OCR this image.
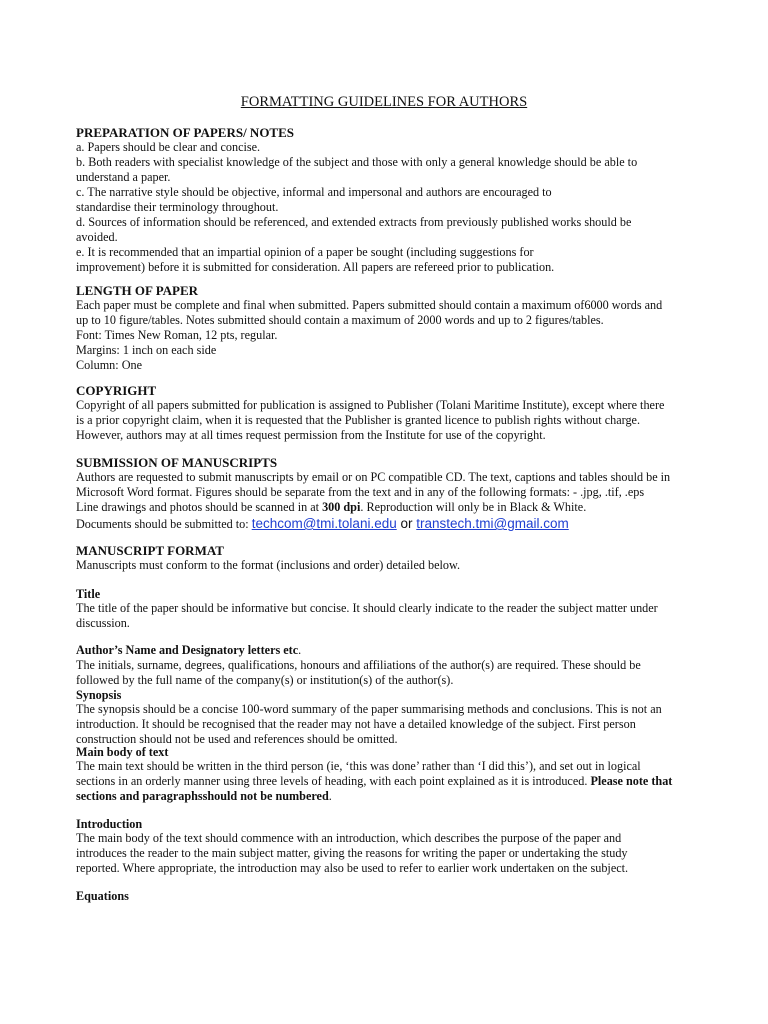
FORMATTING GUIDELINES FOR AUTHORS
PREPARATION OF PAPERS/ NOTES
a. Papers should be clear and concise.
b. Both readers with specialist knowledge of the subject and those with only a general knowledge should be able to
understand a paper.
c. The narrative style should be objective, informal and impersonal and authors are encouraged to
standardise their terminology throughout.
d. Sources of information should be referenced, and extended extracts from previously published works should be
avoided.
e. It is recommended that an impartial opinion of a paper be sought (including suggestions for
improvement) before it is submitted for consideration. All papers are refereed prior to publication.
LENGTH OF PAPER
Each paper must be complete and final when submitted. Papers submitted should contain a maximum of6000 words and
up to 10 figure/tables. Notes submitted should contain a maximum of 2000 words and up to 2 figures/tables.
Font: Times New Roman, 12 pts, regular.
Margins: 1 inch on each side
Column: One
COPYRIGHT
Copyright of all papers submitted for publication is assigned to Publisher (Tolani Maritime Institute), except where there
is a prior copyright claim, when it is requested that the Publisher is granted licence to publish rights without charge.
However, authors may at all times request permission from the Institute for use of the copyright.
SUBMISSION OF MANUSCRIPTS
Authors are requested to submit manuscripts by email or on PC compatible CD. The text, captions and tables should be in
Microsoft Word format. Figures should be separate from the text and in any of the following formats: - .jpg, .tif, .eps
Line drawings and photos should be scanned in at 300 dpi. Reproduction will only be in Black & White.
Documents should be submitted to: techcom@tmi.tolani.edu or transtech.tmi@gmail.com
MANUSCRIPT FORMAT
Manuscripts must conform to the format (inclusions and order) detailed below.
Title
The title of the paper should be informative but concise. It should clearly indicate to the reader the subject matter under
discussion.
Author’s Name and Designatory letters etc.
The initials, surname, degrees, qualifications, honours and affiliations of the author(s) are required. These should be
followed by the full name of the company(s) or institution(s) of the author(s).
Synopsis
The synopsis should be a concise 100-word summary of the paper summarising methods and conclusions. This is not an
introduction. It should be recognised that the reader may not have a detailed knowledge of the subject. First person
construction should not be used and references should be omitted.
Main body of text
The main text should be written in the third person (ie, ‘this was done’ rather than ‘I did this’), and set out in logical
sections in an orderly manner using three levels of heading, with each point explained as it is introduced. Please note that
sections and paragraphsshould not be numbered.
Introduction
The main body of the text should commence with an introduction, which describes the purpose of the paper and
introduces the reader to the main subject matter, giving the reasons for writing the paper or undertaking the study
reported. Where appropriate, the introduction may also be used to refer to earlier work undertaken on the subject.
Equations
